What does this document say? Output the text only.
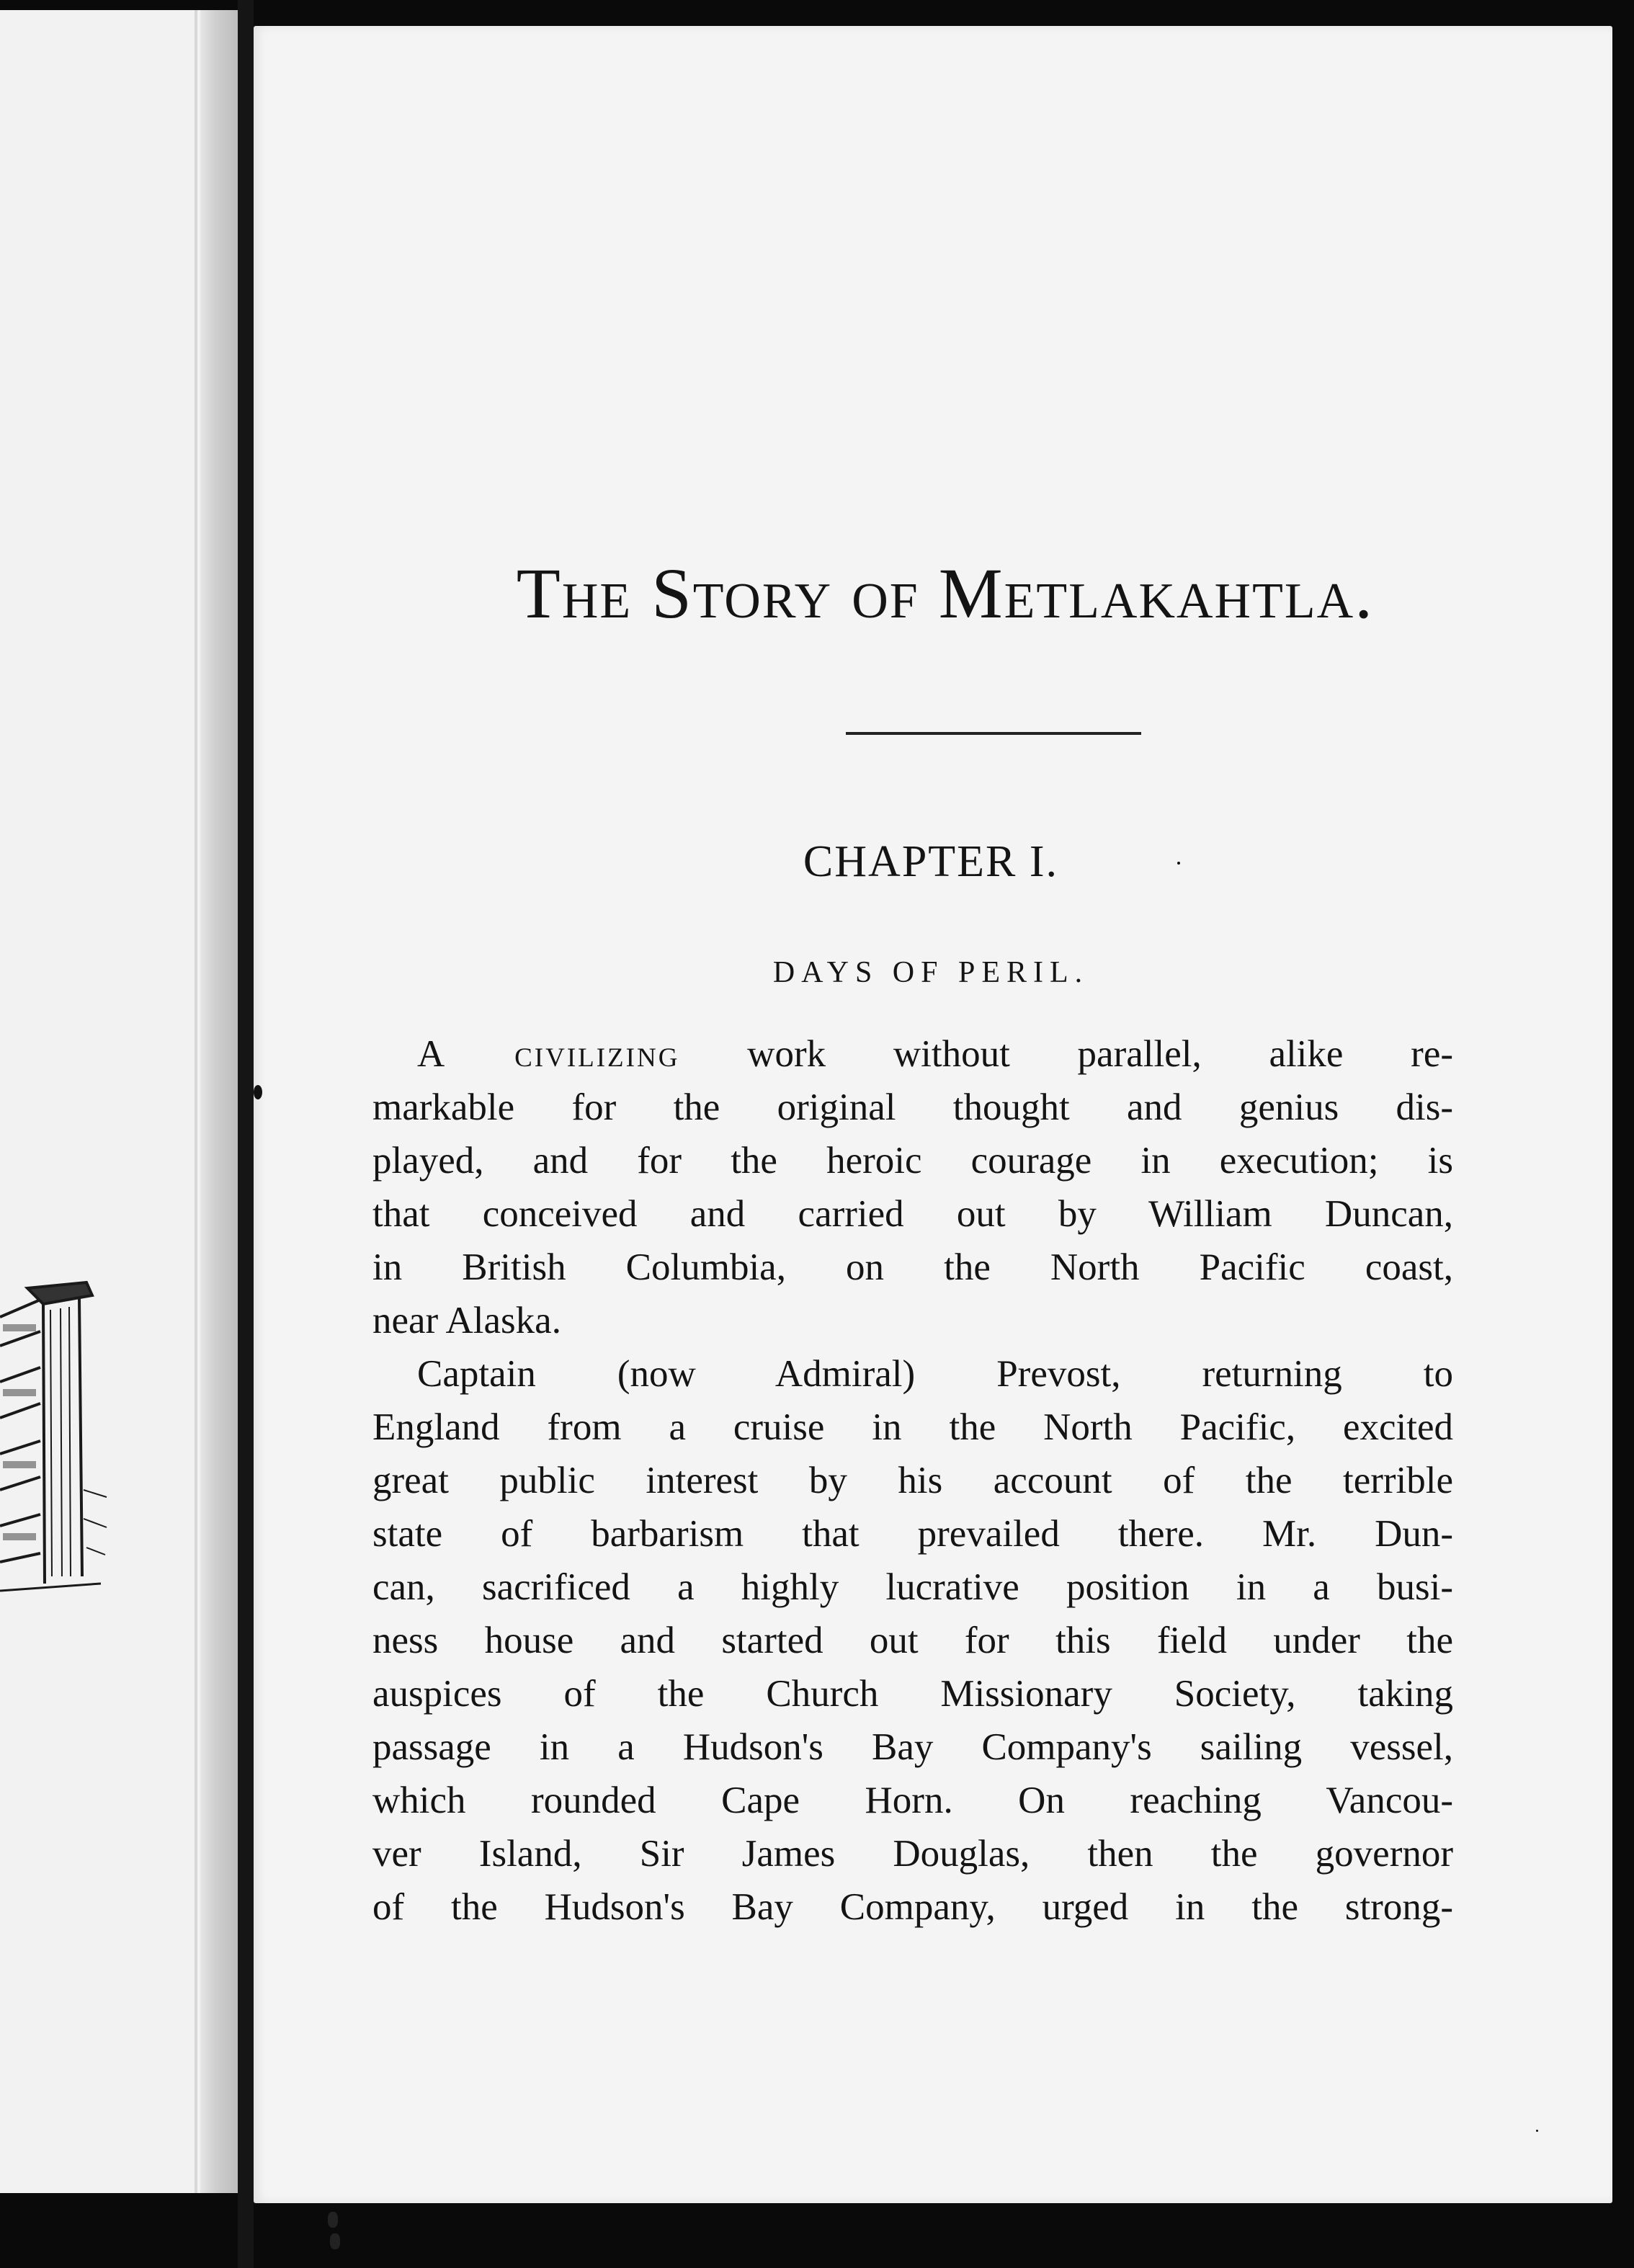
The Story of Metlakahtla.
CHAPTER I.
DAYS OF PERIL.
A civilizing work without parallel, alike re-
markable for the original thought and genius dis-
played, and for the heroic courage in execution; is
that conceived and carried out by William Duncan,
in British Columbia, on the North Pacific coast,
near Alaska.
Captain (now Admiral) Prevost, returning to
England from a cruise in the North Pacific, excited
great public interest by his account of the terrible
state of barbarism that prevailed there. Mr. Dun-
can, sacrificed a highly lucrative position in a busi-
ness house and started out for this field under the
auspices of the Church Missionary Society, taking
passage in a Hudson's Bay Company's sailing vessel,
which rounded Cape Horn. On reaching Vancou-
ver Island, Sir James Douglas, then the governor
of the Hudson's Bay Company, urged in the strong-
